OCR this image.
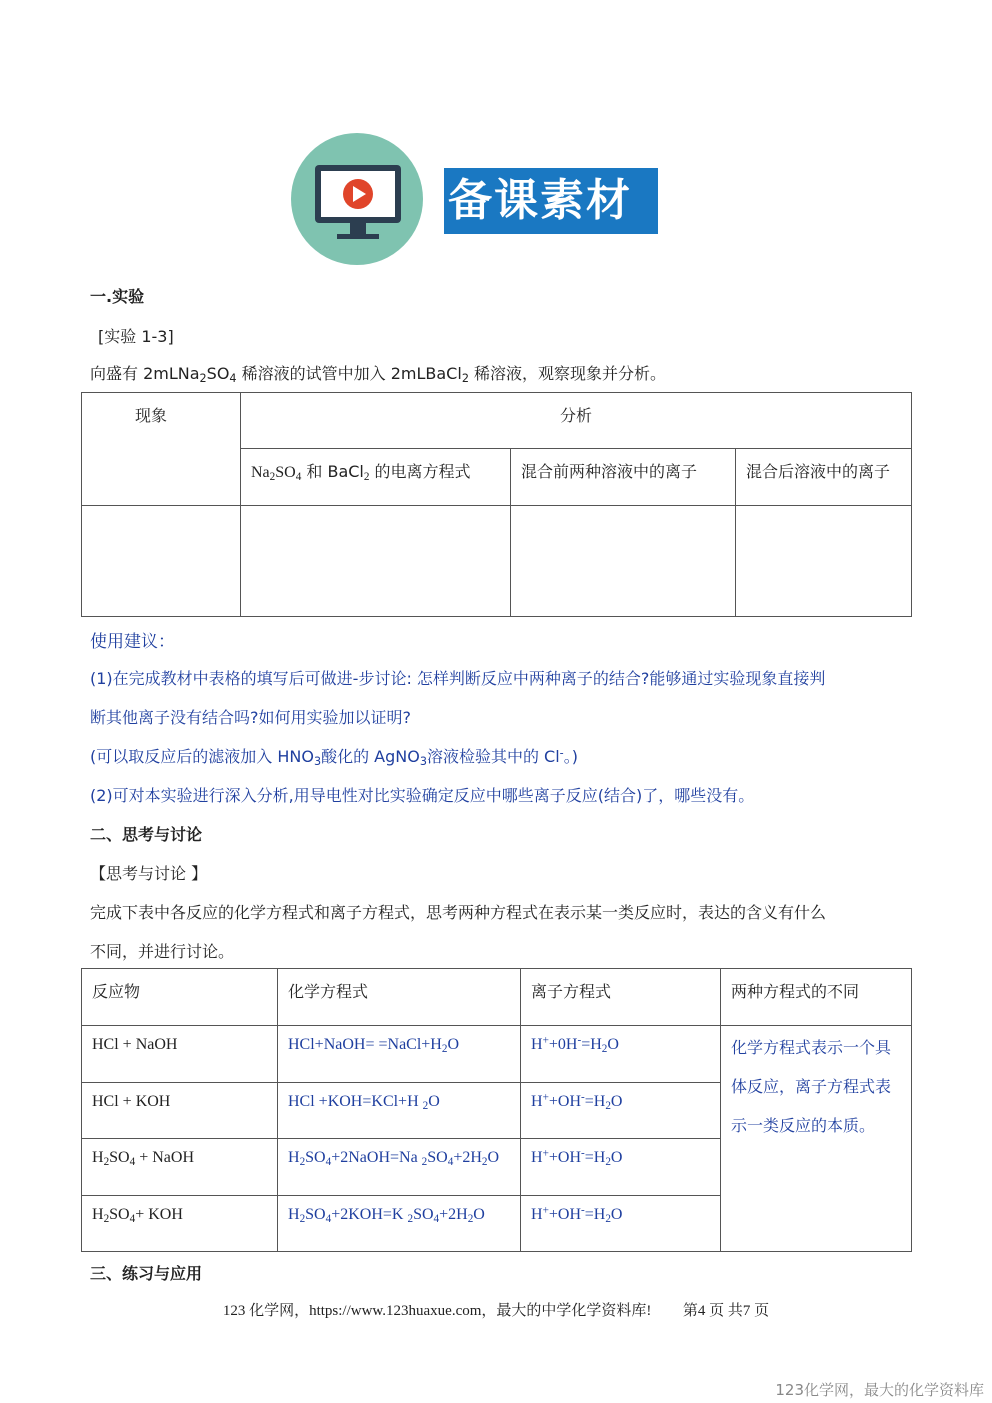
备课素材
一.实验
[实验 1-3]
向盛有 $2mLNa_2SO_4$ 稀溶液的试管中加入 2mLBaCl$_2$ 稀溶液，观察现象并分析。
现象	分析		
	$Na_2SO_4$ 和 BaCl$_2$ 的电离方程式	混合前两种溶液中的离子	混合后溶液中的离子

使用建议：
(1)在完成教材中表格的填写后可做进-步讨论: 怎样判断反应中两种离子的结合?能够通过实验现象直接判
断其他离子没有结合吗?如何用实验加以证明?
(可以取反应后的滤液加入 $HNO_3$酸化的 AgNO$_3$溶液检验其中的 Cl-。)
(2)可对本实验进行深入分析,用导电性对比实验确定反应中哪些离子反应(结合)了，哪些没有。
二、思考与讨论
【思考与讨论 】
完成下表中各反应的化学方程式和离子方程式，思考两种方程式在表示某一类反应时，表达的含义有什么
不同，并进行讨论。
反应物	化学方程式	离子方程式	两种方程式的不同
HCl + NaOH	HCl+NaOH= $=NaCl+H_2O$	$H^++0H^-=H_2O$	化学方程式表示一个具体反应，离子方程式表示一类反应的本质。
HCl + KOH	HCl +KOH=KCl+H $_2$O	$H^++OH^-=H_2O$	
$H_2SO_4$ + NaOH	$H_2SO_4+2NaOH=Na$ $_2SO_4+2H_2O$	$H^++OH^-=H_2O$	
$H_2SO_4+$ KOH	$H_2SO_4+2KOH=K$ $_2SO_4+2H_2O$	$H^++OH^-=H_2O$	
三、练习与应用
123 化学网，https://www.123huaxue.com，最大的中学化学资料库! 第4 页 共7 页
123化学网，最大的化学资料库
